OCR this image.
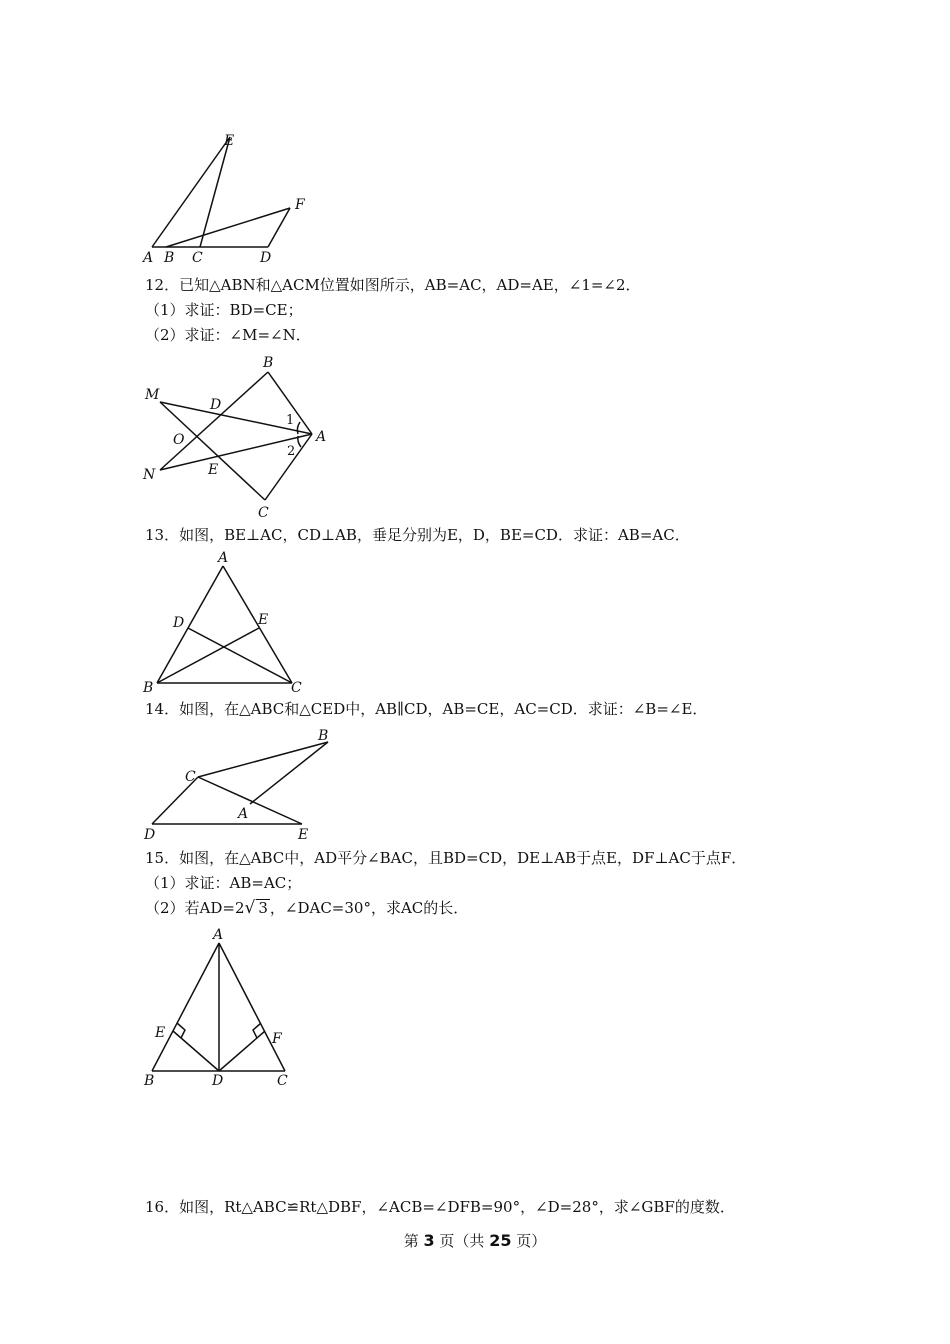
E
F
A B C	D
12．已知△ABN和△ACM位置如图所示，AB=AC，AD=AE，∠1=∠2．
（1）求证：BD=CE；
（2）求证：∠M=∠N．
M
D
B
O
N	E
A
C
1
2
13．如图，BE⊥AC，CD⊥AB，垂足分别为E，D，BE=CD．求证：AB=AC．
A
D	E
B	C
14．如图，在△ABC和△CED中，AB∥CD，AB=CE，AC=CD．求证：∠B=∠E．
B
C
A
D	E
15．如图，在△ABC中，AD平分∠BAC，且BD=CD，DE⊥AB于点E，DF⊥AC于点F．
（1）求证：AB=AC；
（2）若AD=2√ 3 ，∠DAC=30°，求AC的长．
A
E	F
B	D	C
16．如图，Rt△ABC≌Rt△DBF，∠ACB=∠DFB=90°，∠D=28°，求∠GBF的度数．
第 3 页（共 25 页）
